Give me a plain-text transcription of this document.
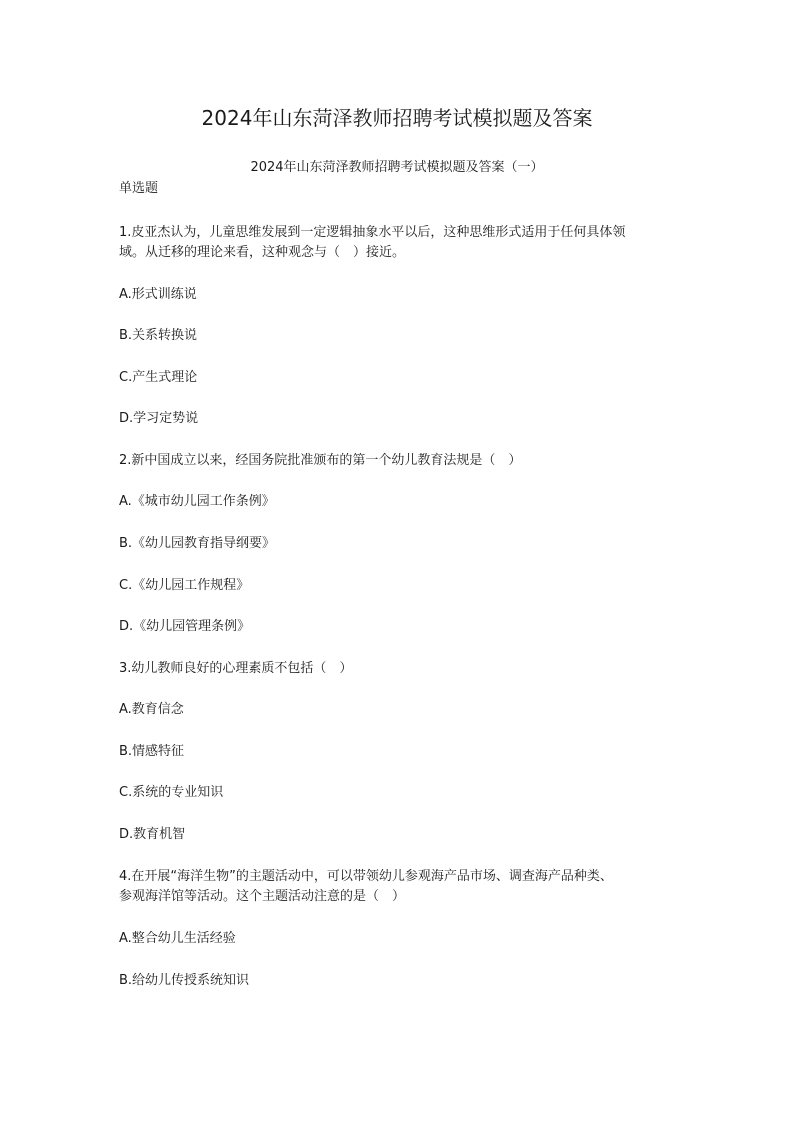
2024年山东菏泽教师招聘考试模拟题及答案
2024年山东菏泽教师招聘考试模拟题及答案（一）
单选题
1.皮亚杰认为，儿童思维发展到一定逻辑抽象水平以后，这种思维形式适用于任何具体领
域。从迁移的理论来看，这种观念与（　）接近。
A.形式训练说
B.关系转换说
C.产生式理论
D.学习定势说
2.新中国成立以来，经国务院批准颁布的第一个幼儿教育法规是（　）
A.《城市幼儿园工作条例》
B.《幼儿园教育指导纲要》
C.《幼儿园工作规程》
D.《幼儿园管理条例》
3.幼儿教师良好的心理素质不包括（　）
A.教育信念
B.情感特征
C.系统的专业知识
D.教育机智
4.在开展“海洋生物”的主题活动中，可以带领幼儿参观海产品市场、调查海产品种类、
参观海洋馆等活动。这个主题活动注意的是（　）
A.整合幼儿生活经验
B.给幼儿传授系统知识
